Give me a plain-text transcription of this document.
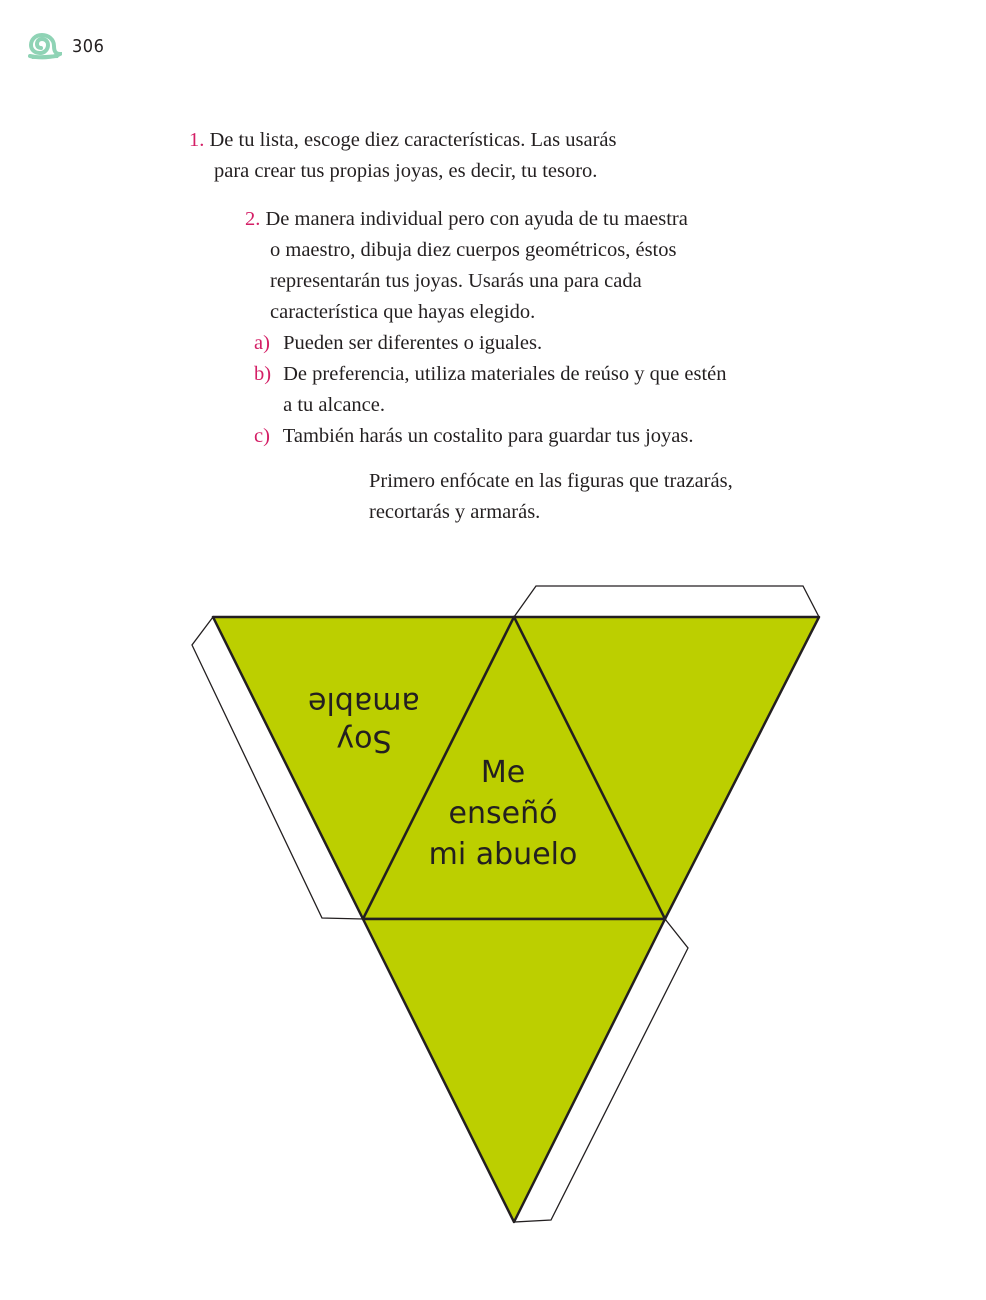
306
1. De tu lista, escoge diez características. Las usarás
para crear tus propias joyas, es decir, tu tesoro.
2. De manera individual pero con ayuda de tu maestra
o maestro, dibuja diez cuerpos geométricos, éstos
representarán tus joyas. Usarás una para cada
característica que hayas elegido.
a) Pueden ser diferentes o iguales.
b) De preferencia, utiliza materiales de reúso y que estén
a tu alcance.
c) También harás un costalito para guardar tus joyas.
Primero enfócate en las figuras que trazarás,
recortarás y armarás.
Soy
amable
Me
enseñó
mi abuelo
